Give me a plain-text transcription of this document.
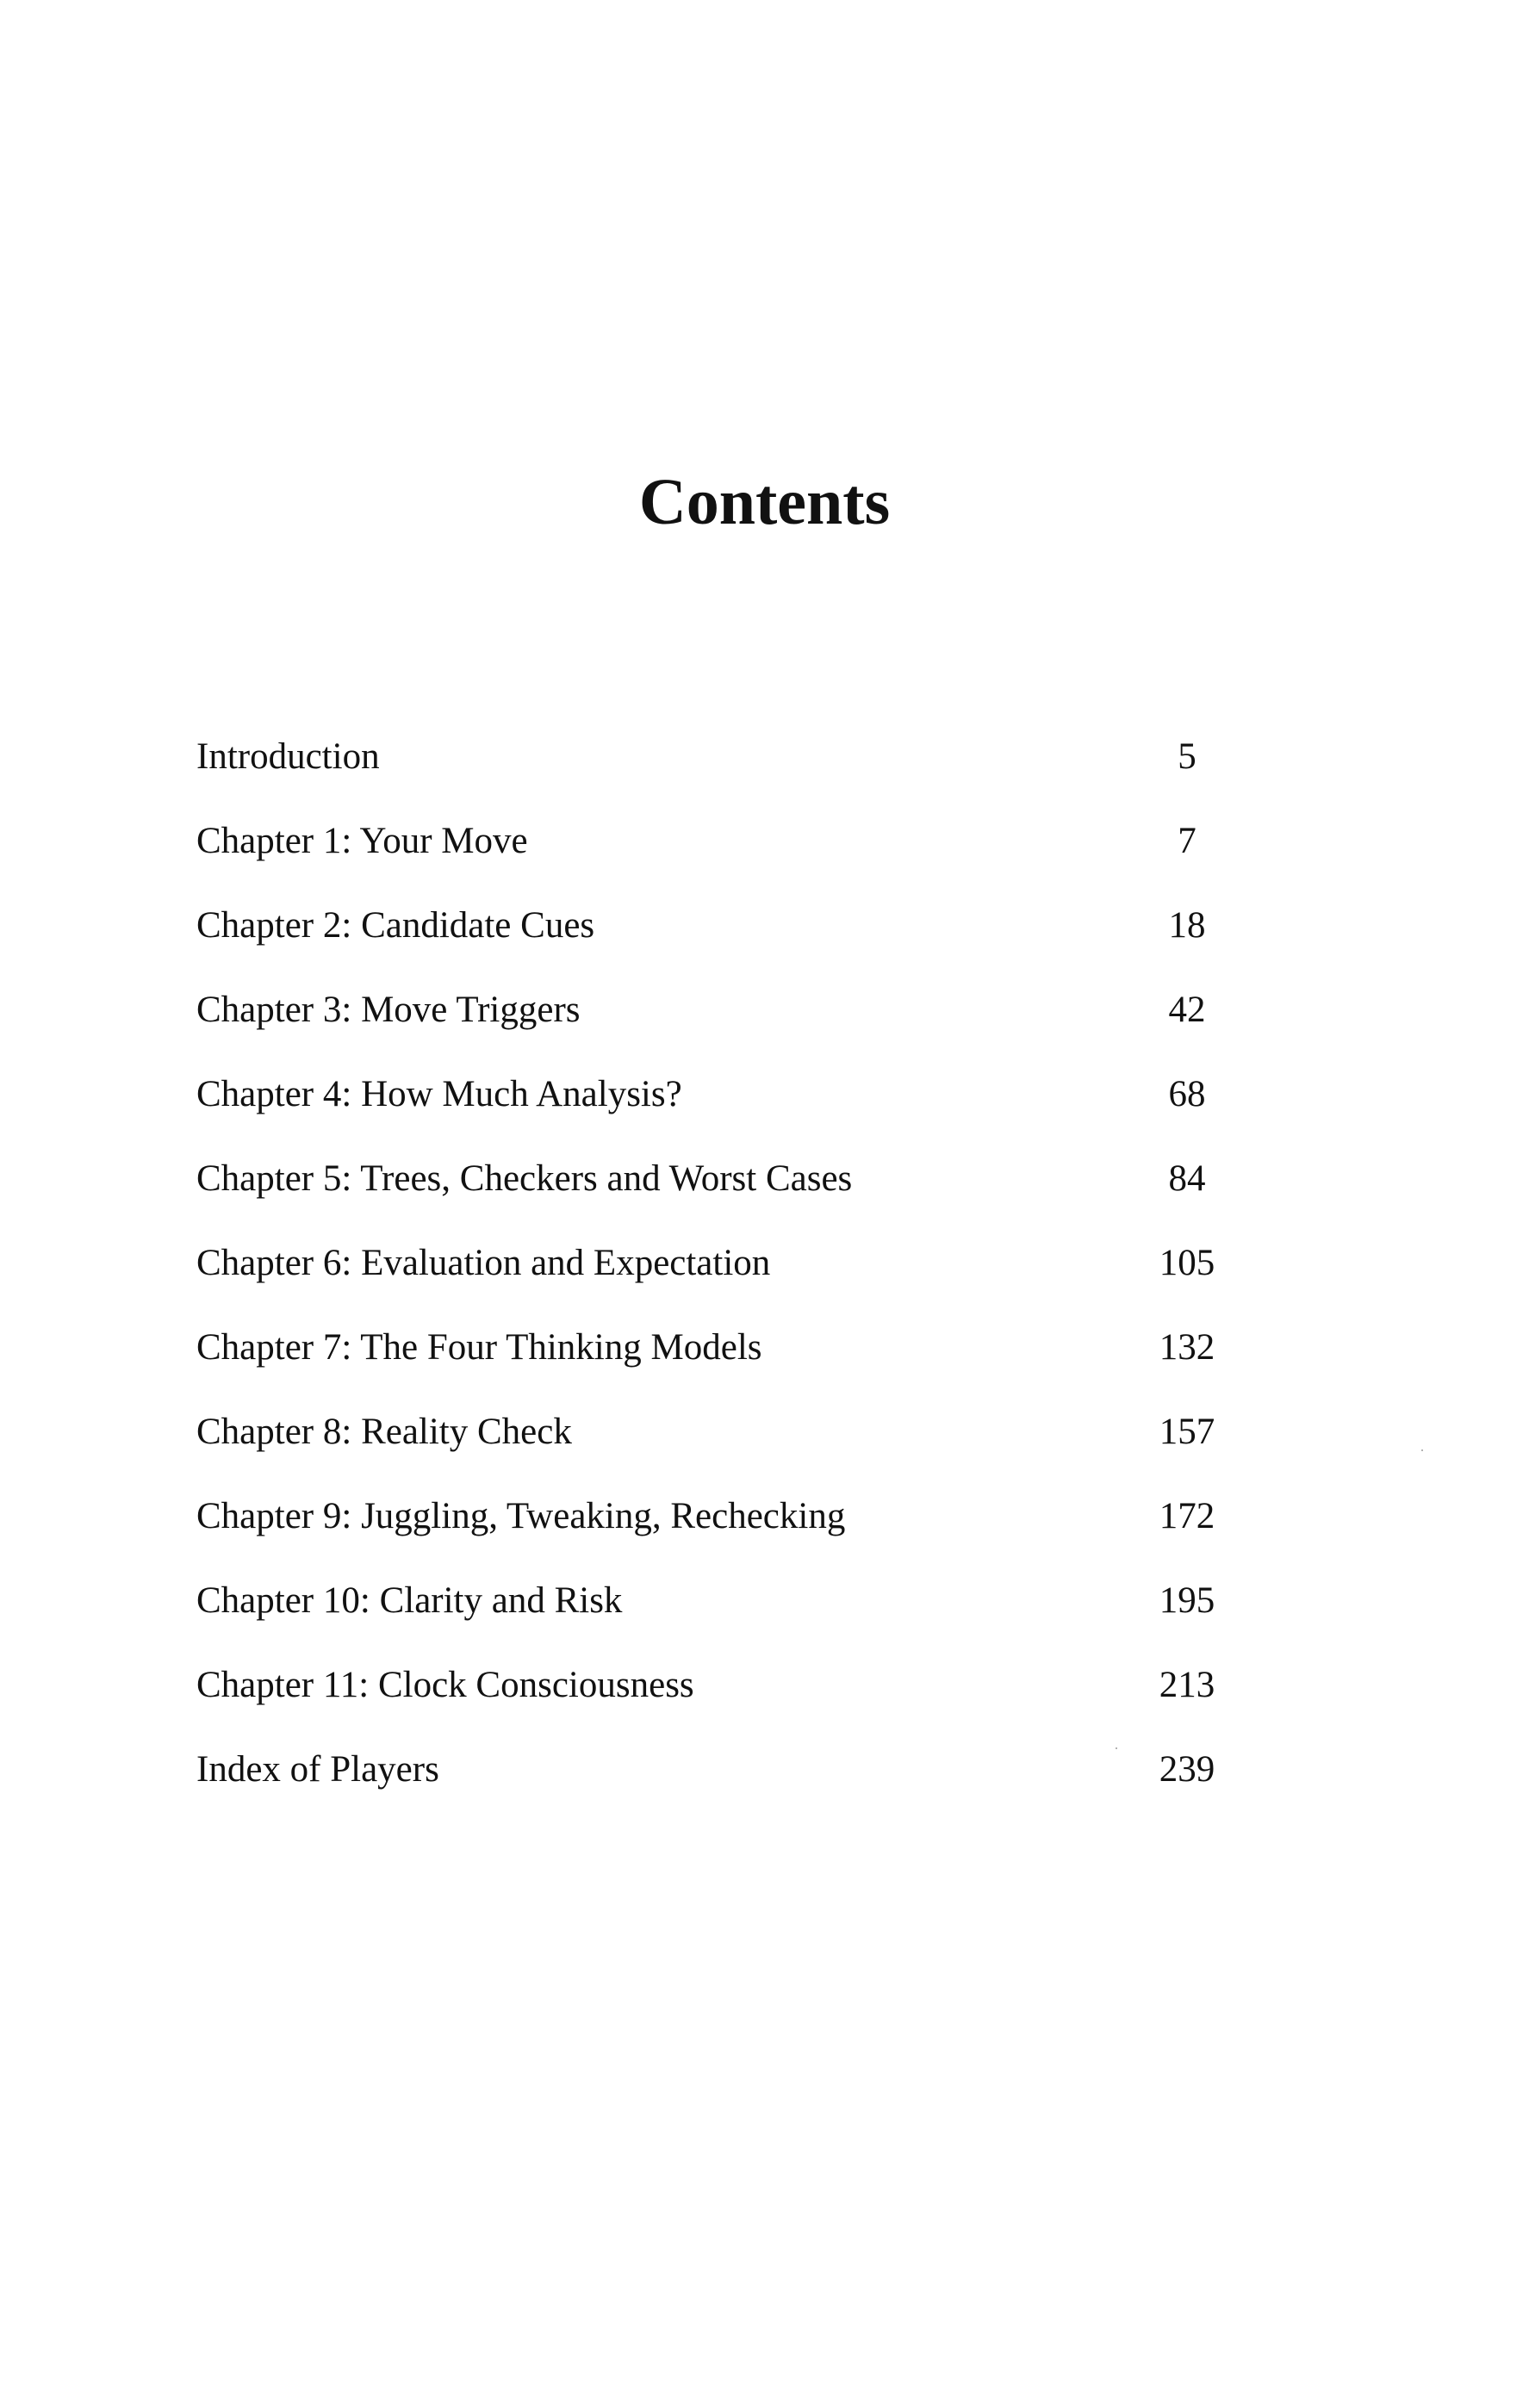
Contents
Introduction	5
Chapter 1: Your Move	7
Chapter 2: Candidate Cues	18
Chapter 3: Move Triggers	42
Chapter 4: How Much Analysis?	68
Chapter 5: Trees, Checkers and Worst Cases	84
Chapter 6: Evaluation and Expectation	105
Chapter 7: The Four Thinking Models	132
Chapter 8: Reality Check	157
Chapter 9: Juggling, Tweaking, Rechecking	172
Chapter 10: Clarity and Risk	195
Chapter 11: Clock Consciousness	213
Index of Players	239
